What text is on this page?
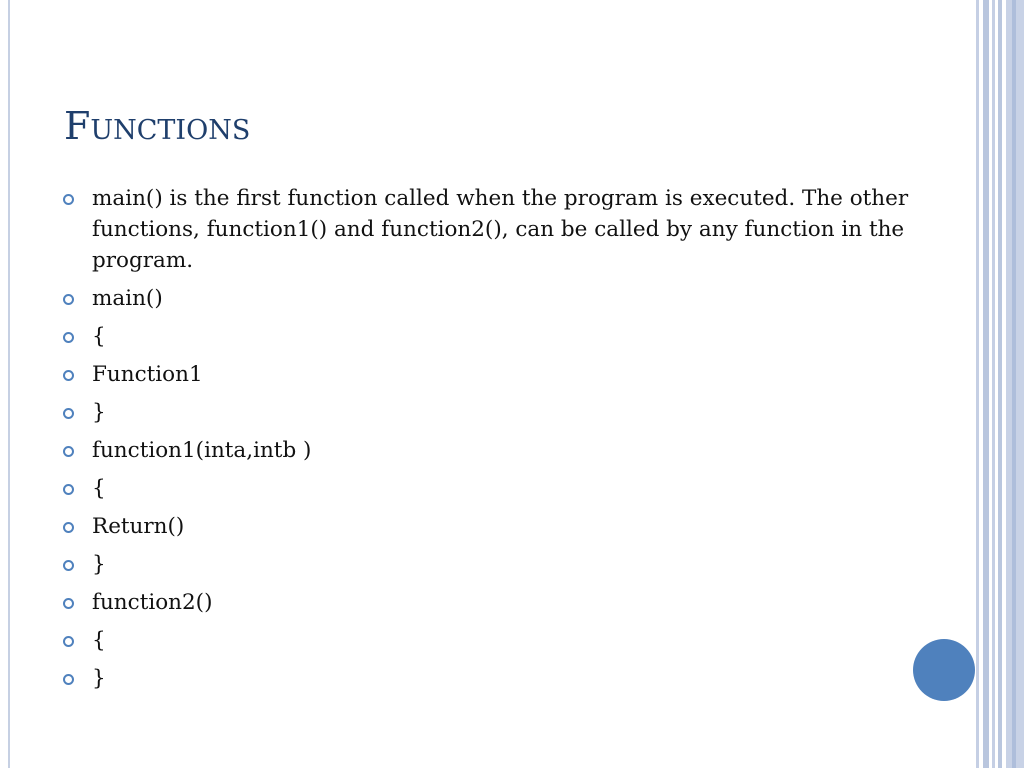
Functions
main() is the first function called when the program is executed. The other functions, function1() and function2(), can be called by any function in the program.
main()
{
Function1
}
function1(inta,intb )
{
Return()
}
function2()
{
}
